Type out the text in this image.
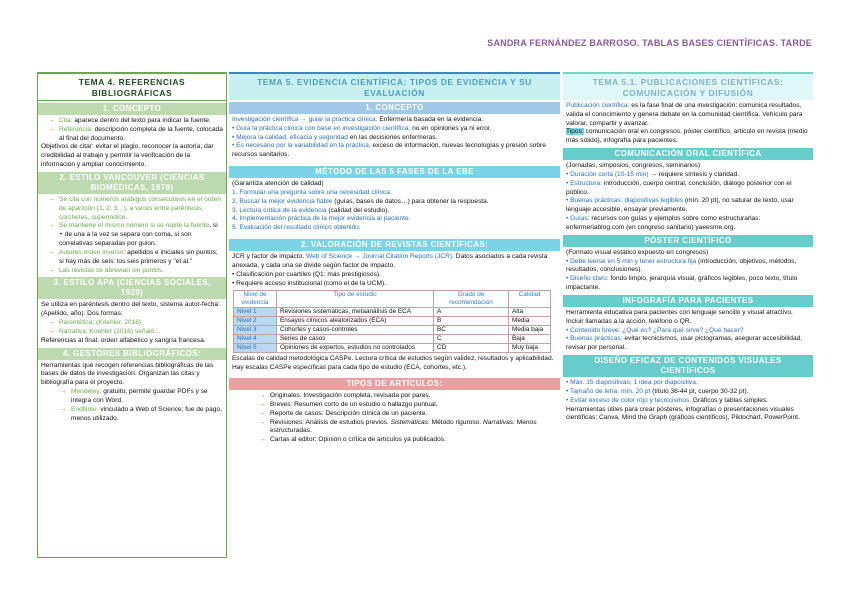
SANDRA FERNÁNDEZ BARROSO. TABLAS BASES CIENTÍFICAS. TARDE
TEMA 4. REFERENCIAS BIBLIOGRÁFICAS
1. CONCEPTO
→ Cita: aparece dentro del texto para indicar la fuente.
→ Referencia: descripción completa de la fuente, colocada al final del documento.
Objetivos de citar: evitar el plagio, reconocer la autoría, dar credibilidad al trabajo y permitir la verificación de la información y ampliar conocimiento.
2. ESTILO VANCOUVER (CIENCIAS BIOMÉDICAS, 1978)
→ Se cita con números arábigos consecutivos en el orden de aparición (1, 2, 3…), a veces entre paréntesis, corchetes, superíndice.
→ Se mantiene el mismo número si se repite la fuente, si + de una a la vez se separa con coma, si son correlativas separadas por guion.
→ Autores orden inverso: apellidos e iniciales sin puntos; si hay más de seis: los seis primeros y "et al."
→ Las revistas se abrevian sin puntos.
3. ESTILO APA (CIENCIAS SOCIALES, 1929)
Se utiliza en paréntesis dentro del texto, sistema autor-fecha: (Apellido, año). Dos formas:
→ Parentética: (Koehler, 2016).
→ Narrativa: Koehler (2016) señaló…
Referencias al final, orden alfabético y sangría francesa.
4. GESTORES BIBLIOGRÁFICOS:
Herramientas que recogen referencias bibliográficas de las bases de datos de investigación. Organizan las citas y bibliografía para el proyecto.
→ Mendeley: gratuito, permite guardar PDFs y se integra con Word.
→ EndNote: vinculado a Web of Science; fue de pago, menos utilizado.
TEMA 5. EVIDENCIA CIENTÍFICA: TIPOS DE EVIDENCIA Y SU EVALUACIÓN
1. CONCEPTO
Investigación científica → guiar la práctica clínica. Enfermería basada en la evidencia:
• Guía la práctica clínica con base en investigación científica, no en opiniones ya ni error.
• Mejora la calidad, eficacia y seguridad en las decisiones enfermeras.
• Es necesario por la variabilidad en la práctica, exceso de información, nuevas tecnologías y presión sobre recursos sanitarios.
MÉTODO DE LAS 5 FASES DE LA EBE
(Garantiza atención de calidad)
1. Formular una pregunta sobre una necesidad clínica.
2. Buscar la mejor evidencia fiable (guías, bases de datos…) para obtener la respuesta.
3. Lectura crítica de la evidencia (calidad del estudio).
4. Implementación práctica de la mejor evidencia al paciente.
5. Evaluación del resultado clínico obtenido.
2. VALORACIÓN DE REVISTAS CIENTÍFICAS:
JCR y factor de impacto. Web of Science → Journal Citation Reports (JCR). Datos asociados a cada revista anexada, y cada una se divide según factor de impacto.
• Clasificación por cuartiles (Q1: más prestigiosos).
• Requiere acceso institucional (como el de la UCM).
Nivel de evidencia	Tipo de estudio	Grado de recomendación	Calidad
Nivel 1	Revisiones sistemáticas, metaanálisis de ECA	A	Alta
Nivel 2	Ensayos clínicos aleatorizados (ECA)	B	Media
Nivel 3	Cohortes y casos-controles	BC	Media baja
Nivel 4	Series de casos	C	Baja
Nivel 5	Opiniones de expertos, estudios no controlados	CD	Muy baja
Escalas de calidad metodológica CASPe. Lectura crítica de estudios según validez, resultados y aplicabilidad. Hay escalas CASPe específicas para cada tipo de estudio (ECA, cohortes, etc.).
TIPOS DE ARTÍCULOS:
→ Originales: Investigación completa, revisada por pares.
→ Breves: Resumen corto de un estudio o hallazgo puntual.
→ Reporte de casos: Descripción clínica de un paciente.
→ Revisiones: Análisis de estudios previos. Sistemáticas: Método riguroso. Narrativas: Menos estructuradas.
→ Cartas al editor: Opinión o crítica de artículos ya publicados.
TEMA 5.1. PUBLICACIONES CIENTÍFICAS: COMUNICACIÓN Y DIFUSIÓN
Publicación científica: es la fase final de una investigación: comunica resultados, valida el conocimiento y genera debate en la comunidad científica. Vehículo para valorar, compartir y avanzar.
Tipos: comunicación oral en congresos, póster científico, artículo en revista (medio más sólido), infografía para pacientes.
COMUNICACIÓN ORAL CIENTÍFICA
(Jornadas, simposios, congresos, seminarios)
• Duración corta (10-15 min) → requiere síntesis y claridad.
• Estructura: introducción, cuerpo central, conclusión, diálogo posterior con el público.
• Buenas prácticas: diapositivas legibles (mín. 20 pt), no saturar de texto, usar lenguaje accesible, ensayar previamente.
• Guías: recursos con guías y ejemplos sobre como estructurarlas: enfermeriablog.com (en congreso sanitario) yaeesme.org.
PÓSTER CIENTÍFICO
(Formato visual estático expuesto en congresos)
• Debe leerse en 5 min y tener estructura fija (introducción, objetivos, métodos, resultados, conclusiones).
• Diseño claro: fondo limpio, jerarquía visual, gráficos legibles, poco texto, título impactante.
INFOGRAFÍA PARA PACIENTES
Herramienta educativa para pacientes con lenguaje sencillo y visual atractivo. Incluir llamadas a la acción, teléfono o QR.
• Contenido breve: ¿Qué es? ¿Para qué sirve? ¿Qué hacer?
• Buenas prácticas: evitar tecnicismos, usar pictogramas, asegurar accesibilidad, revisar por personal.
DISEÑO EFICAZ DE CONTENIDOS VISUALES CIENTÍFICOS
• Máx. 15 diapositivas, 1 idea por diapositiva.
• Tamaño de letra: mín. 20 pt (título 36-44 pt, cuerpo 30-32 pt).
• Evitar exceso de color rojo y tecnicismos. Gráficos y tablas simples.
Herramientas útiles para crear pósteres, infografías o presentaciones visuales científicas: Canva, Mind the Graph (gráficos científicos), Piktochart, PowerPoint.
